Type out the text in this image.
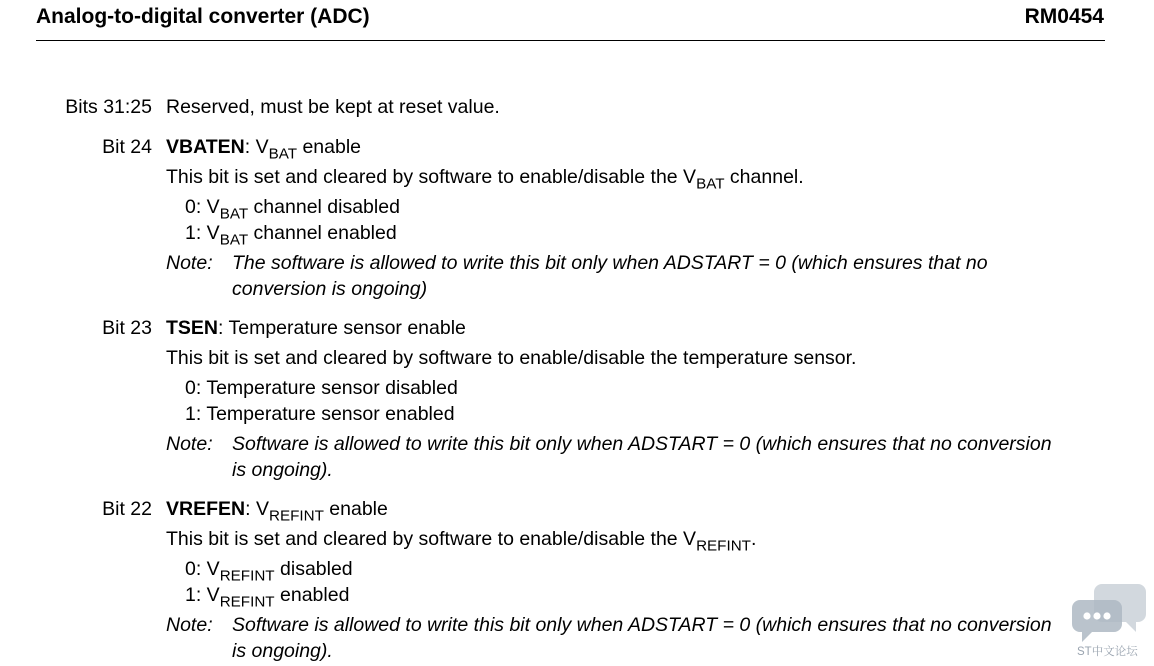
Analog-to-digital converter (ADC)	RM0454
Bits 31:25 Reserved, must be kept at reset value.
Bit 24 VBATEN: $V_{BAT}$ enable
This bit is set and cleared by software to enable/disable the $V_{BAT}$ channel.
0: $V_{BAT}$ channel disabled
1: $V_{BAT}$ channel enabled
Note: The software is allowed to write this bit only when ADSTART = 0 (which ensures that no
conversion is ongoing)
Bit 23 TSEN: Temperature sensor enable
This bit is set and cleared by software to enable/disable the temperature sensor.
0: Temperature sensor disabled
1: Temperature sensor enabled
Note: Software is allowed to write this bit only when ADSTART = 0 (which ensures that no conversion
is ongoing).
Bit 22 VREFEN: $V_{REFINT}$ enable
This bit is set and cleared by software to enable/disable the $V_{REFINT}$.
0: $V_{REFINT}$ disabled
1: $V_{REFINT}$ enabled
Note: Software is allowed to write this bit only when ADSTART = 0 (which ensures that no conversion
is ongoing).	ST中文论坛
